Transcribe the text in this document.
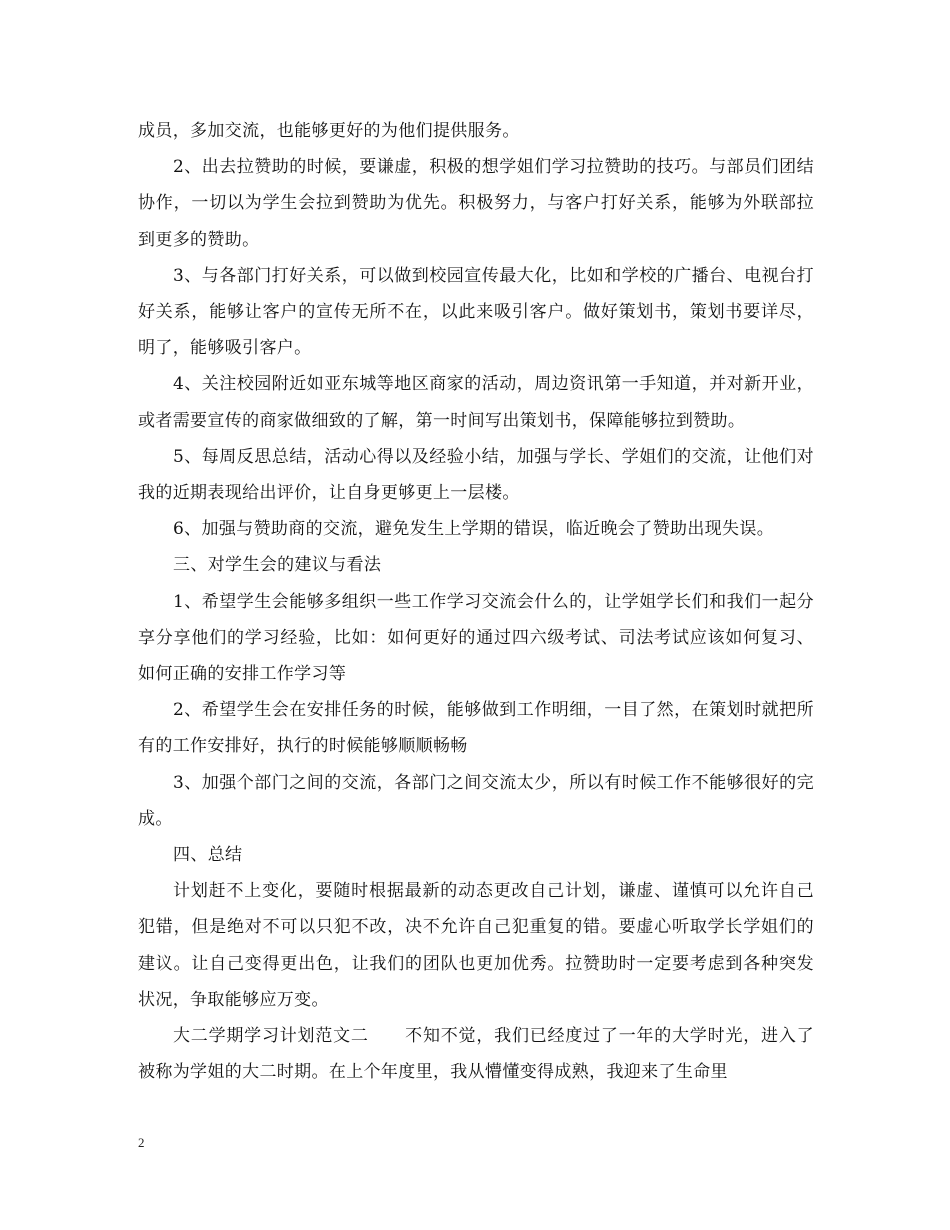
成员，多加交流，也能够更好的为他们提供服务。

2、出去拉赞助的时候，要谦虚，积极的想学姐们学习拉赞助的技巧。与部员们团结协作，一切以为学生会拉到赞助为优先。积极努力，与客户打好关系，能够为外联部拉到更多的赞助。

3、与各部门打好关系，可以做到校园宣传最大化，比如和学校的广播台、电视台打好关系，能够让客户的宣传无所不在，以此来吸引客户。做好策划书，策划书要详尽，明了，能够吸引客户。

4、关注校园附近如亚东城等地区商家的活动，周边资讯第一手知道，并对新开业，或者需要宣传的商家做细致的了解，第一时间写出策划书，保障能够拉到赞助。

5、每周反思总结，活动心得以及经验小结，加强与学长、学姐们的交流，让他们对我的近期表现给出评价，让自身更够更上一层楼。

6、加强与赞助商的交流，避免发生上学期的错误，临近晚会了赞助出现失误。

三、对学生会的建议与看法

1、希望学生会能够多组织一些工作学习交流会什么的，让学姐学长们和我们一起分享分享他们的学习经验，比如：如何更好的通过四六级考试、司法考试应该如何复习、如何正确的安排工作学习等

2、希望学生会在安排任务的时候，能够做到工作明细，一目了然，在策划时就把所有的工作安排好，执行的时候能够顺顺畅畅

3、加强个部门之间的交流，各部门之间交流太少，所以有时候工作不能够很好的完成。

四、总结

计划赶不上变化，要随时根据最新的动态更改自己计划，谦虚、谨慎可以允许自己犯错，但是绝对不可以只犯不改，决不允许自己犯重复的错。要虚心听取学长学姐们的建议。让自己变得更出色，让我们的团队也更加优秀。拉赞助时一定要考虑到各种突发状况，争取能够应万变。

大二学期学习计划范文二 不知不觉，我们已经度过了一年的大学时光，进入了被称为学姐的大二时期。在上个年度里，我从懵懂变得成熟，我迎来了生命里

2
